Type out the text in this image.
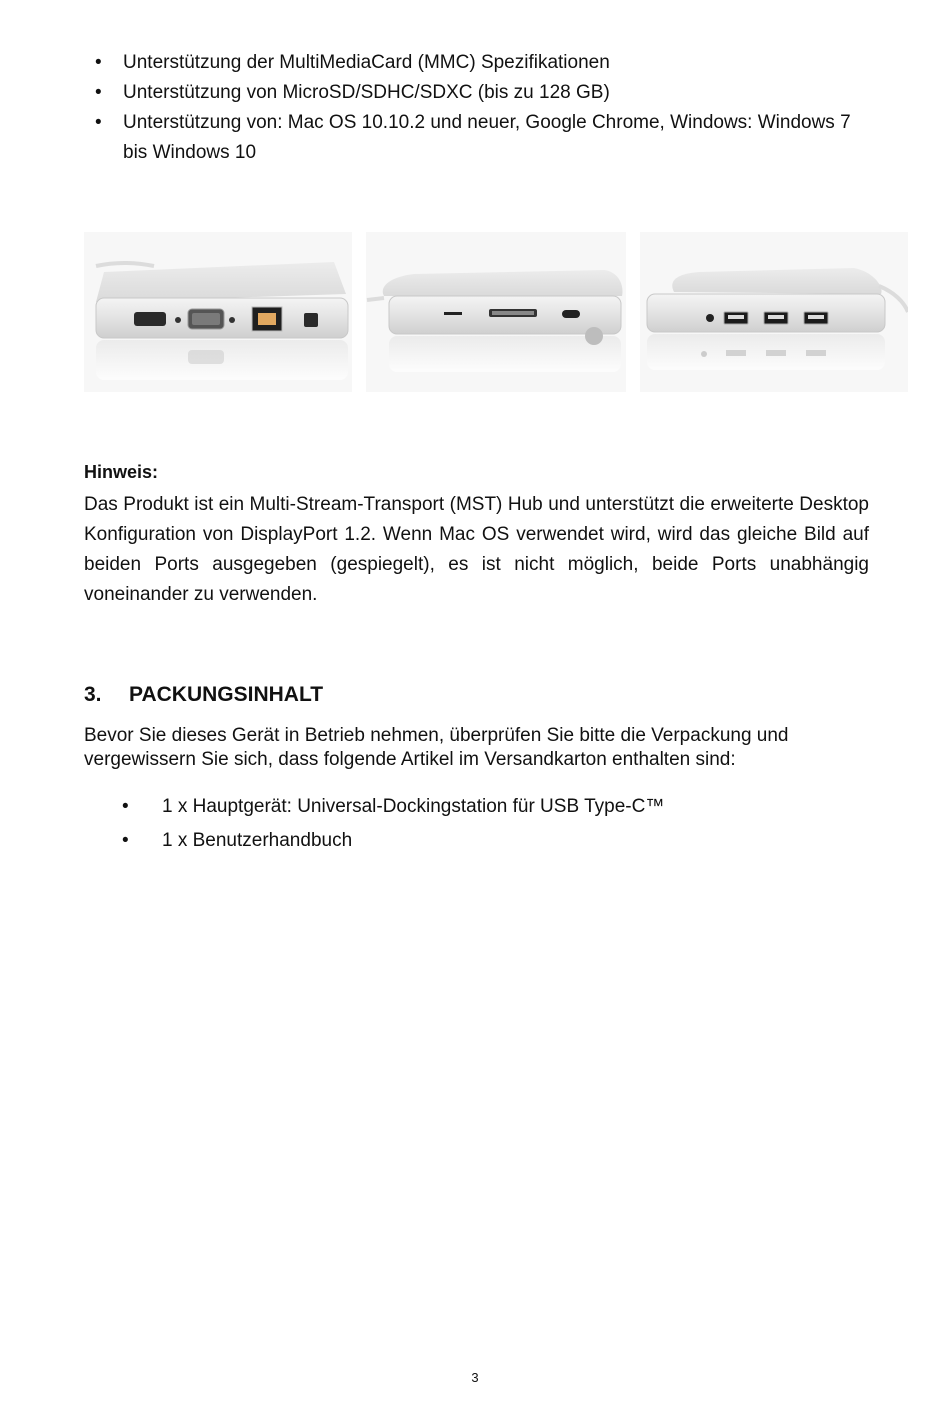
• Unterstützung der MultiMediaCard (MMC) Spezifikationen
• Unterstützung von MicroSD/SDHC/SDXC (bis zu 128 GB)
• Unterstützung von: Mac OS 10.10.2 und neuer, Google Chrome, Windows: Windows 7 bis Windows 10
Hinweis:
Das Produkt ist ein Multi-Stream-Transport (MST) Hub und unterstützt die erweiterte Desktop Konfiguration von DisplayPort 1.2. Wenn Mac OS verwendet wird, wird das gleiche Bild auf beiden Ports ausgegeben (gespiegelt), es ist nicht möglich, beide Ports unabhängig voneinander zu verwenden.
3. PACKUNGSINHALT
Bevor Sie dieses Gerät in Betrieb nehmen, überprüfen Sie bitte die Verpackung und vergewissern Sie sich, dass folgende Artikel im Versandkarton enthalten sind:
• 1 x Hauptgerät: Universal-Dockingstation für USB Type-C™
• 1 x Benutzerhandbuch
3
